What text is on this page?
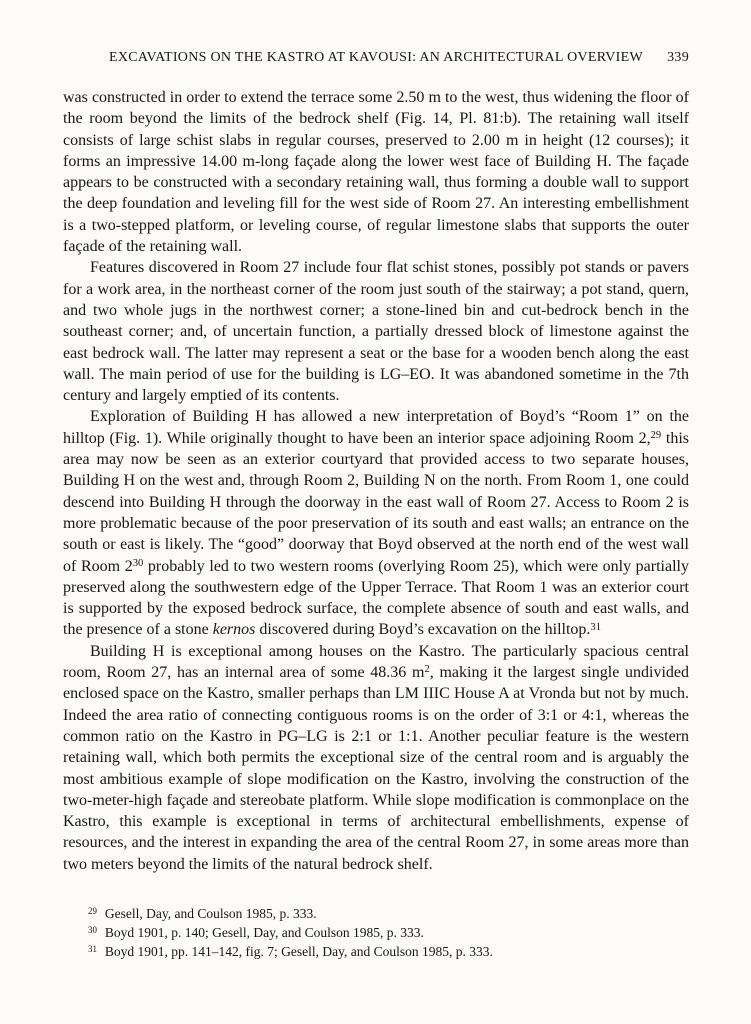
EXCAVATIONS ON THE KASTRO AT KAVOUSI: AN ARCHITECTURAL OVERVIEW 339

was constructed in order to extend the terrace some 2.50 m to the west, thus widening the floor of the room beyond the limits of the bedrock shelf (Fig. 14, Pl. 81:b). The retaining wall itself consists of large schist slabs in regular courses, preserved to 2.00 m in height (12 courses); it forms an impressive 14.00 m-long façade along the lower west face of Building H. The façade appears to be constructed with a secondary retaining wall, thus forming a double wall to support the deep foundation and leveling fill for the west side of Room 27. An interesting embellishment is a two-stepped platform, or leveling course, of regular limestone slabs that supports the outer façade of the retaining wall.

Features discovered in Room 27 include four flat schist stones, possibly pot stands or pavers for a work area, in the northeast corner of the room just south of the stairway; a pot stand, quern, and two whole jugs in the northwest corner; a stone-lined bin and cut-bedrock bench in the southeast corner; and, of uncertain function, a partially dressed block of limestone against the east bedrock wall. The latter may represent a seat or the base for a wooden bench along the east wall. The main period of use for the building is LG–EO. It was abandoned sometime in the 7th century and largely emptied of its contents.

Exploration of Building H has allowed a new interpretation of Boyd’s “Room 1” on the hilltop (Fig. 1). While originally thought to have been an interior space adjoining Room 2,29 this area may now be seen as an exterior courtyard that provided access to two separate houses, Building H on the west and, through Room 2, Building N on the north. From Room 1, one could descend into Building H through the doorway in the east wall of Room 27. Access to Room 2 is more problematic because of the poor preservation of its south and east walls; an entrance on the south or east is likely. The “good” doorway that Boyd observed at the north end of the west wall of Room $2^{30}$ probably led to two western rooms (overlying Room 25), which were only partially preserved along the southwestern edge of the Upper Terrace. That Room 1 was an exterior court is supported by the exposed bedrock surface, the complete absence of south and east walls, and the presence of a stone kernos discovered during Boyd’s excavation on the hilltop.$^{31}$

Building H is exceptional among houses on the Kastro. The particularly spacious central room, Room 27, has an internal area of some 48.36 $m^2$, making it the largest single undivided enclosed space on the Kastro, smaller perhaps than LM IIIC House A at Vronda but not by much. Indeed the area ratio of connecting contiguous rooms is on the order of 3:1 or 4:1, whereas the common ratio on the Kastro in PG–LG is 2:1 or 1:1. Another peculiar feature is the western retaining wall, which both permits the exceptional size of the central room and is arguably the most ambitious example of slope modification on the Kastro, involving the construction of the two-meter-high façade and stereobate platform. While slope modification is commonplace on the Kastro, this example is exceptional in terms of architectural embellishments, expense of resources, and the interest in expanding the area of the central Room 27, in some areas more than two meters beyond the limits of the natural bedrock shelf.

$^{29}$ Gesell, Day, and Coulson 1985, p. 333.

$^{30}$ Boyd 1901, p. 140; Gesell, Day, and Coulson 1985, p. 333.

$^{31}$ Boyd 1901, pp. 141–142, fig. 7; Gesell, Day, and Coulson 1985, p. 333.
